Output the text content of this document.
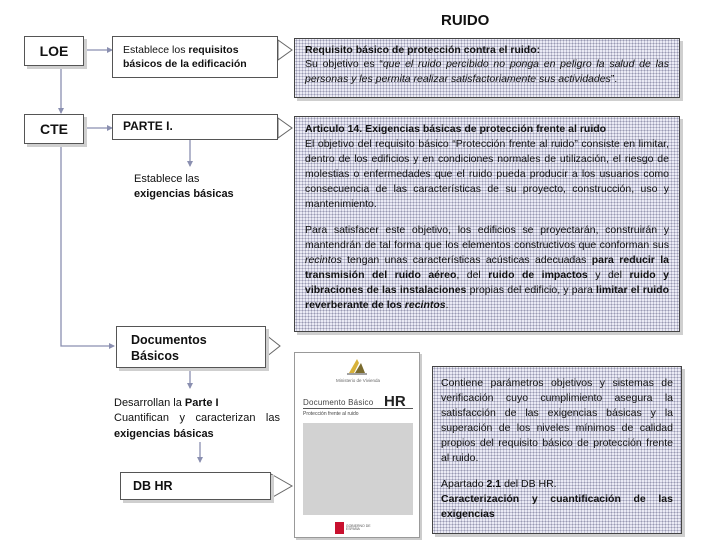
RUIDO
LOE	Establece los requisitos básicos de la edificación
Requisito básico de protección contra el ruido:
Su objetivo es “que el ruido percibido no ponga en peligro la salud de las personas y les permita realizar satisfactoriamente sus actividades”.
CTE	PARTE I.
Establece las
exigencias básicas
Articulo 14. Exigencias básicas de protección frente al ruido
El objetivo del requisito básico “Protección frente al ruido” consiste en limitar, dentro de los edificios y en condiciones normales de utilización, el riesgo de molestias o enfermedades que el ruido pueda producir a los usuarios como consecuencia de las características de su proyecto, construcción, uso y mantenimiento.
Para satisfacer este objetivo, los edificios se proyectarán, construirán y mantendrán de tal forma que los elementos constructivos que conforman sus recintos tengan unas características acústicas adecuadas para reducir la transmisión del ruido aéreo, del ruido de impactos y del ruido y vibraciones de las instalaciones propias del edificio, y para limitar el ruido reverberante de los recintos.
Documentos Básicos
Desarrollan la Parte I
Cuantifican y caracterizan las
exigencias básicas
DB HR
Ministerio de Vivienda
Documento Básico HR
Protección frente al ruido
GOBIERNO DE ESPAÑA
Contiene parámetros objetivos y sistemas de verificación cuyo cumplimiento asegura la satisfacción de las exigencias básicas y la superación de los niveles mínimos de calidad propios del requisito básico de protección frente al ruido.
Apartado 2.1 del DB HR.
Caracterización y cuantificación de las exigencias
